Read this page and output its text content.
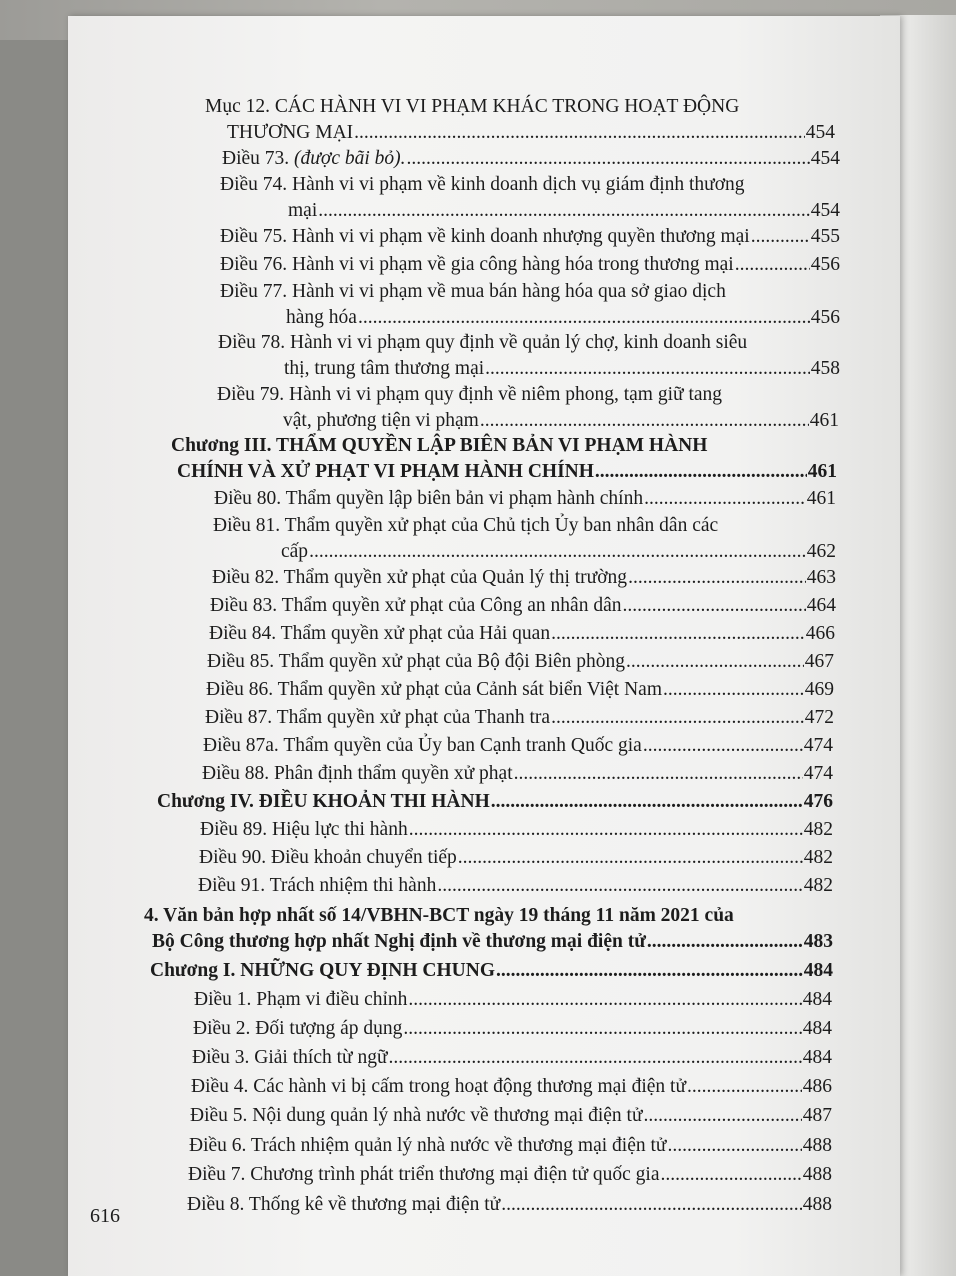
Mục 12. CÁC HÀNH VI VI PHẠM KHÁC TRONG HOẠT ĐỘNG
THƯƠNG MẠI .....	454
Điều 73. (được bãi bỏ). .....	454
Điều 74. Hành vi vi phạm về kinh doanh dịch vụ giám định thương
mại .....	454
Điều 75. Hành vi vi phạm về kinh doanh nhượng quyền thương mại .....	455
Điều 76. Hành vi vi phạm về gia công hàng hóa trong thương mại .....	456
Điều 77. Hành vi vi phạm về mua bán hàng hóa qua sở giao dịch
hàng hóa .....	456
Điều 78. Hành vi vi phạm quy định về quản lý chợ, kinh doanh siêu
thị, trung tâm thương mại .....	458
Điều 79. Hành vi vi phạm quy định về niêm phong, tạm giữ tang
vật, phương tiện vi phạm .....	461
Chương III. THẨM QUYỀN LẬP BIÊN BẢN VI PHẠM HÀNH
CHÍNH VÀ XỬ PHẠT VI PHẠM HÀNH CHÍNH .....	461
Điều 80. Thẩm quyền lập biên bản vi phạm hành chính .....	461
Điều 81. Thẩm quyền xử phạt của Chủ tịch Ủy ban nhân dân các
cấp .....	462
Điều 82. Thẩm quyền xử phạt của Quản lý thị trường .....	463
Điều 83. Thẩm quyền xử phạt của Công an nhân dân .....	464
Điều 84. Thẩm quyền xử phạt của Hải quan .....	466
Điều 85. Thẩm quyền xử phạt của Bộ đội Biên phòng .....	467
Điều 86. Thẩm quyền xử phạt của Cảnh sát biển Việt Nam .....	469
Điều 87. Thẩm quyền xử phạt của Thanh tra .....	472
Điều 87a. Thẩm quyền của Ủy ban Cạnh tranh Quốc gia .....	474
Điều 88. Phân định thẩm quyền xử phạt .....	474
Chương IV. ĐIỀU KHOẢN THI HÀNH .....	476
Điều 89. Hiệu lực thi hành .....	482
Điều 90. Điều khoản chuyển tiếp .....	482
Điều 91. Trách nhiệm thi hành .....	482
4. Văn bản hợp nhất số 14/VBHN-BCT ngày 19 tháng 11 năm 2021 của
Bộ Công thương hợp nhất Nghị định về thương mại điện tử .....	483
Chương I. NHỮNG QUY ĐỊNH CHUNG .....	484
Điều 1. Phạm vi điều chỉnh .....	484
Điều 2. Đối tượng áp dụng .....	484
Điều 3. Giải thích từ ngữ .....	484
Điều 4. Các hành vi bị cấm trong hoạt động thương mại điện tử .....	486
Điều 5. Nội dung quản lý nhà nước về thương mại điện tử .....	487
Điều 6. Trách nhiệm quản lý nhà nước về thương mại điện tử .....	488
Điều 7. Chương trình phát triển thương mại điện tử quốc gia .....	488
Điều 8. Thống kê về thương mại điện tử .....	488
616
